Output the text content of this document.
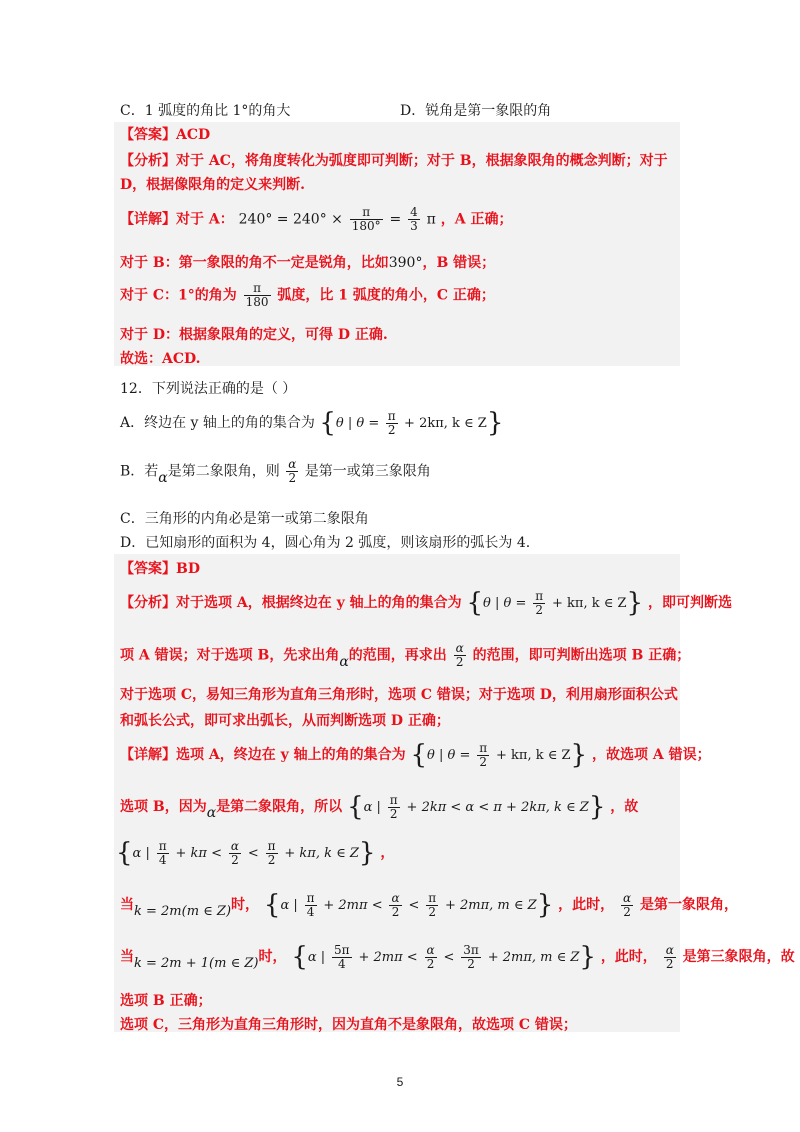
C．1 弧度的角比 1°的角大	D．锐角是第一象限的角
【答案】ACD
【分析】对于 AC，将角度转化为弧度即可判断；对于 B，根据象限角的概念判断；对于
D，根据像限角的定义来判断.
【详解】对于 A： $240^\circ = 240^\circ \times \frac{\pi}{180^\circ} = \frac{4}{3}$ π ，A 正确；
对于 B：第一象限的角不一定是锐角，比如390°，B 错误；
对于 C：1°的角为 $\frac{\pi}{180}$ 弧度，比 1 弧度的角小，C 正确；
对于 D：根据象限角的定义，可得 D 正确.
故选：ACD.
12．下列说法正确的是（ ）
A．终边在 y 轴上的角的集合为 {θ | $\theta = \frac{\pi}{2} + 2k\pi$, k ∈ Z}
B．若α是第二象限角，则 $\frac{\alpha}{2}$ 是第一或第三象限角
C．三角形的内角必是第一或第二象限角
D．已知扇形的面积为 4，圆心角为 2 弧度，则该扇形的弧长为 4.
【答案】BD
【分析】对于选项 A，根据终边在 y 轴上的角的集合为 {θ | $\theta = \frac{\pi}{2} + k\pi$, k ∈ Z} ，即可判断选
项 A 错误；对于选项 B，先求出角α的范围，再求出 $\frac{\alpha}{2}$ 的范围，即可判断出选项 B 正确；
对于选项 C，易知三角形为直角三角形时，选项 C 错误；对于选项 D，利用扇形面积公式
和弧长公式，即可求出弧长，从而判断选项 D 正确；
【详解】选项 A，终边在 y 轴上的角的集合为 {θ | $\theta = \frac{\pi}{2} + k\pi$, k ∈ Z} ，故选项 A 错误；
选项 B，因为α是第二象限角，所以 {α | $\frac{\pi}{2} + 2k\pi < \alpha < \pi + 2k\pi$, k ∈ Z} ，故
{α | $\frac{\pi}{4} + k\pi < \frac{\alpha}{2} < \frac{\pi}{2} + k\pi$, k ∈ Z} ，
当k = 2m(m ∈ Z)时， {α | $\frac{\pi}{4} + 2m\pi < \frac{\alpha}{2} < \frac{\pi}{2} + 2m\pi$, m ∈ Z} ，此时， $\frac{\alpha}{2}$ 是第一象限角，
当k = 2m + 1(m ∈ Z)时， {α | $\frac{5\pi}{4} + 2m\pi < \frac{\alpha}{2} < \frac{3\pi}{2} + 2m\pi$, m ∈ Z} ，此时， $\frac{\alpha}{2}$ 是第三象限角，故
选项 B 正确；
选项 C，三角形为直角三角形时，因为直角不是象限角，故选项 C 错误；
5
